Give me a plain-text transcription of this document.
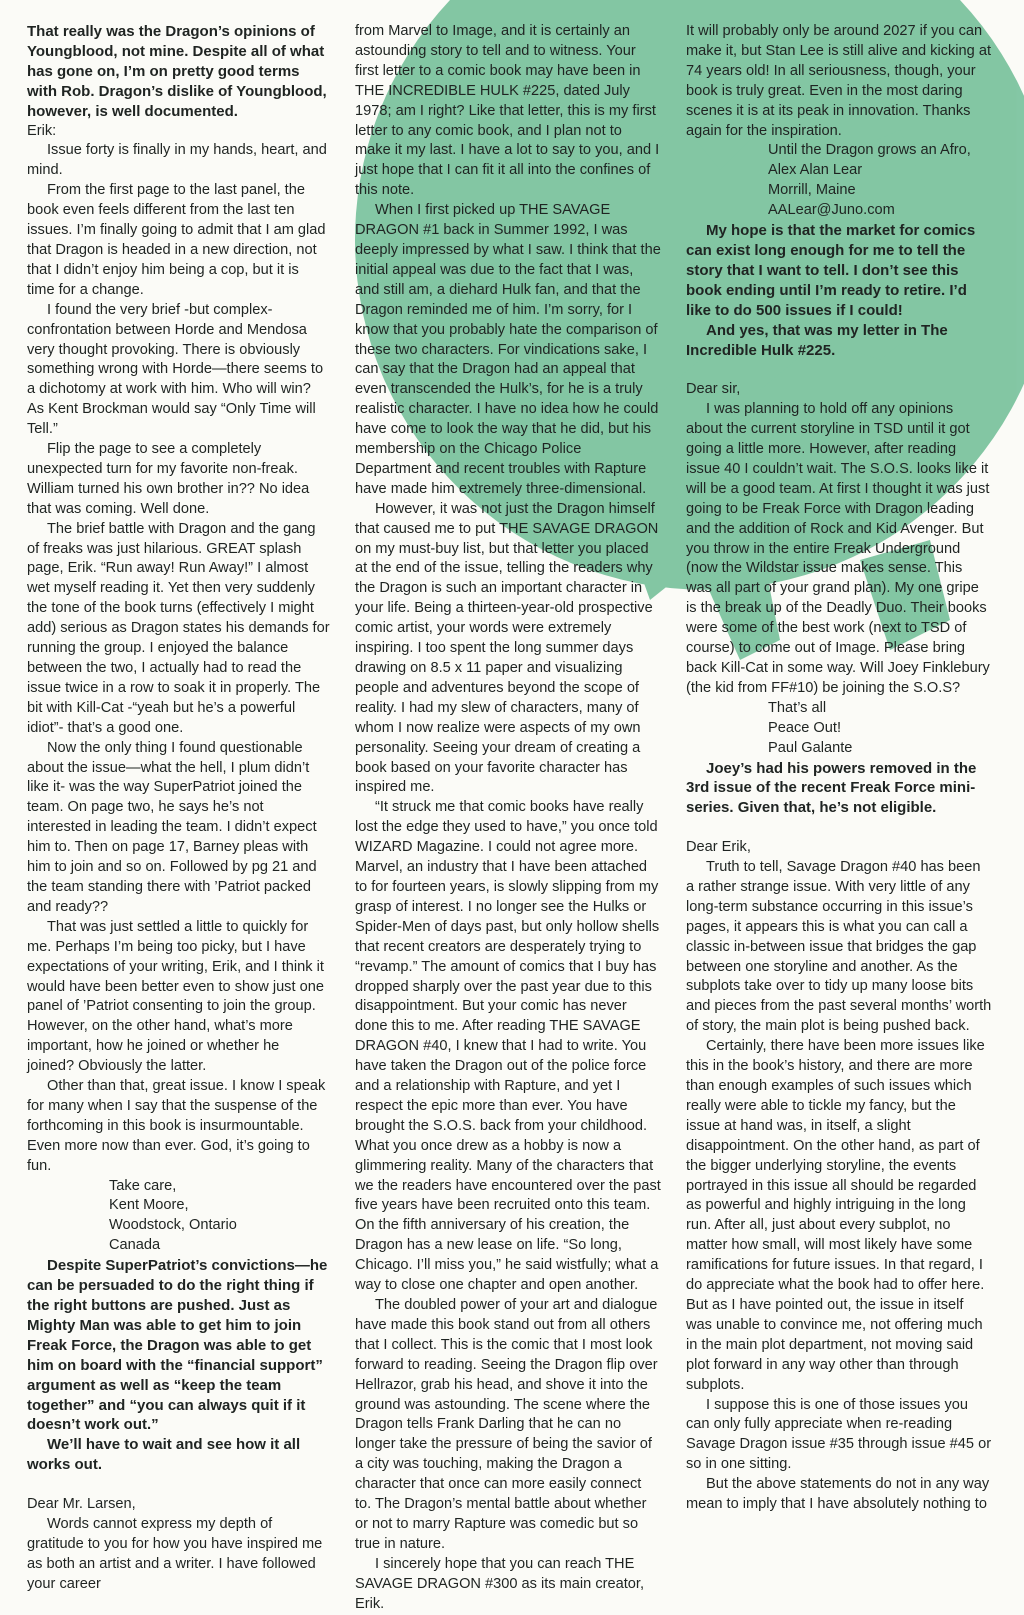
That really was the Dragon’s opinions of Youngblood, not mine. Despite all of what has gone on, I’m on pretty good terms with Rob. Dragon’s dislike of Youngblood, however, is well documented.

Erik:

Issue forty is finally in my hands, heart, and mind.

From the first page to the last panel, the book even feels different from the last ten issues. I’m finally going to admit that I am glad that Dragon is headed in a new direction, not that I didn’t enjoy him being a cop, but it is time for a change.

I found the very brief -but complex- confrontation between Horde and Mendosa very thought provoking. There is obviously something wrong with Horde—there seems to a dichotomy at work with him. Who will win? As Kent Brockman would say “Only Time will Tell.”

Flip the page to see a completely unexpected turn for my favorite non-freak. William turned his own brother in?? No idea that was coming. Well done.

The brief battle with Dragon and the gang of freaks was just hilarious. GREAT splash page, Erik. “Run away! Run Away!” I almost wet myself reading it. Yet then very suddenly the tone of the book turns (effectively I might add) serious as Dragon states his demands for running the group. I enjoyed the balance between the two, I actually had to read the issue twice in a row to soak it in properly. The bit with Kill-Cat -“yeah but he’s a powerful idiot”- that’s a good one.

Now the only thing I found questionable about the issue—what the hell, I plum didn’t like it- was the way SuperPatriot joined the team. On page two, he says he’s not interested in leading the team. I didn’t expect him to. Then on page 17, Barney pleas with him to join and so on. Followed by pg 21 and the team standing there with ’Patriot packed and ready??

That was just settled a little to quickly for me. Perhaps I’m being too picky, but I have expectations of your writing, Erik, and I think it would have been better even to show just one panel of ’Patriot consenting to join the group. However, on the other hand, what’s more important, how he joined or whether he joined? Obviously the latter.

Other than that, great issue. I know I speak for many when I say that the suspense of the forthcoming in this book is insurmountable. Even more now than ever. God, it’s going to fun.

Take care,

Kent Moore,

Woodstock, Ontario

Canada

Despite SuperPatriot’s convictions—he can be persuaded to do the right thing if the right buttons are pushed. Just as Mighty Man was able to get him to join Freak Force, the Dragon was able to get him on board with the “financial support” argument as well as “keep the team together” and “you can always quit if it doesn’t work out.”

We’ll have to wait and see how it all works out.

Dear Mr. Larsen,

Words cannot express my depth of gratitude to you for how you have inspired me as both an artist and a writer. I have followed your career

from Marvel to Image, and it is certainly an astounding story to tell and to witness. Your first letter to a comic book may have been in THE INCREDIBLE HULK #225, dated July 1978; am I right? Like that letter, this is my first letter to any comic book, and I plan not to make it my last. I have a lot to say to you, and I just hope that I can fit it all into the confines of this note.

When I first picked up THE SAVAGE DRAGON #1 back in Summer 1992, I was deeply impressed by what I saw. I think that the initial appeal was due to the fact that I was, and still am, a diehard Hulk fan, and that the Dragon reminded me of him. I’m sorry, for I know that you probably hate the comparison of these two characters. For vindications sake, I can say that the Dragon had an appeal that even transcended the Hulk’s, for he is a truly realistic character. I have no idea how he could have come to look the way that he did, but his membership on the Chicago Police Department and recent troubles with Rapture have made him extremely three-dimensional.

However, it was not just the Dragon himself that caused me to put THE SAVAGE DRAGON on my must-buy list, but that letter you placed at the end of the issue, telling the readers why the Dragon is such an important character in your life. Being a thirteen-year-old prospective comic artist, your words were extremely inspiring. I too spent the long summer days drawing on 8.5 x 11 paper and visualizing people and adventures beyond the scope of reality. I had my slew of characters, many of whom I now realize were aspects of my own personality. Seeing your dream of creating a book based on your favorite character has inspired me.

“It struck me that comic books have really lost the edge they used to have,” you once told WIZARD Magazine. I could not agree more. Marvel, an industry that I have been attached to for fourteen years, is slowly slipping from my grasp of interest. I no longer see the Hulks or Spider-Men of days past, but only hollow shells that recent creators are desperately trying to “revamp.” The amount of comics that I buy has dropped sharply over the past year due to this disappointment. But your comic has never done this to me. After reading THE SAVAGE DRAGON #40, I knew that I had to write. You have taken the Dragon out of the police force and a relationship with Rapture, and yet I respect the epic more than ever. You have brought the S.O.S. back from your childhood. What you once drew as a hobby is now a glimmering reality. Many of the characters that we the readers have encountered over the past five years have been recruited onto this team. On the fifth anniversary of his creation, the Dragon has a new lease on life. “So long, Chicago. I’ll miss you,” he said wistfully; what a way to close one chapter and open another.

The doubled power of your art and dialogue have made this book stand out from all others that I collect. This is the comic that I most look forward to reading. Seeing the Dragon flip over Hellrazor, grab his head, and shove it into the ground was astounding. The scene where the Dragon tells Frank Darling that he can no longer take the pressure of being the savior of a city was touching, making the Dragon a character that once can more easily connect to. The Dragon’s mental battle about whether or not to marry Rapture was comedic but so true in nature.

I sincerely hope that you can reach THE SAVAGE DRAGON #300 as its main creator, Erik.

It will probably only be around 2027 if you can make it, but Stan Lee is still alive and kicking at 74 years old! In all seriousness, though, your book is truly great. Even in the most daring scenes it is at its peak in innovation. Thanks again for the inspiration.

Until the Dragon grows an Afro,

Alex Alan Lear

Morrill, Maine

AALear@Juno.com

My hope is that the market for comics can exist long enough for me to tell the story that I want to tell. I don’t see this book ending until I’m ready to retire. I’d like to do 500 issues if I could!

And yes, that was my letter in The Incredible Hulk #225.

Dear sir,

I was planning to hold off any opinions about the current storyline in TSD until it got going a little more. However, after reading issue 40 I couldn’t wait. The S.O.S. looks like it will be a good team. At first I thought it was just going to be Freak Force with Dragon leading and the addition of Rock and Kid Avenger. But you throw in the entire Freak Underground (now the Wildstar issue makes sense. This was all part of your grand plan). My one gripe is the break up of the Deadly Duo. Their books were some of the best work (next to TSD of course) to come out of Image. Please bring back Kill-Cat in some way. Will Joey Finklebury (the kid from FF#10) be joining the S.O.S?

That’s all

Peace Out!

Paul Galante

Joey’s had his powers removed in the 3rd issue of the recent Freak Force mini-series. Given that, he’s not eligible.

Dear Erik,

Truth to tell, Savage Dragon #40 has been a rather strange issue. With very little of any long-term substance occurring in this issue’s pages, it appears this is what you can call a classic in-between issue that bridges the gap between one storyline and another. As the subplots take over to tidy up many loose bits and pieces from the past several months’ worth of story, the main plot is being pushed back.

Certainly, there have been more issues like this in the book’s history, and there are more than enough examples of such issues which really were able to tickle my fancy, but the issue at hand was, in itself, a slight disappointment. On the other hand, as part of the bigger underlying storyline, the events portrayed in this issue all should be regarded as powerful and highly intriguing in the long run. After all, just about every subplot, no matter how small, will most likely have some ramifications for future issues. In that regard, I do appreciate what the book had to offer here. But as I have pointed out, the issue in itself was unable to convince me, not offering much in the main plot department, not moving said plot forward in any way other than through subplots.

I suppose this is one of those issues you can only fully appreciate when re-reading Savage Dragon issue #35 through issue #45 or so in one sitting.

But the above statements do not in any way mean to imply that I have absolutely nothing to
